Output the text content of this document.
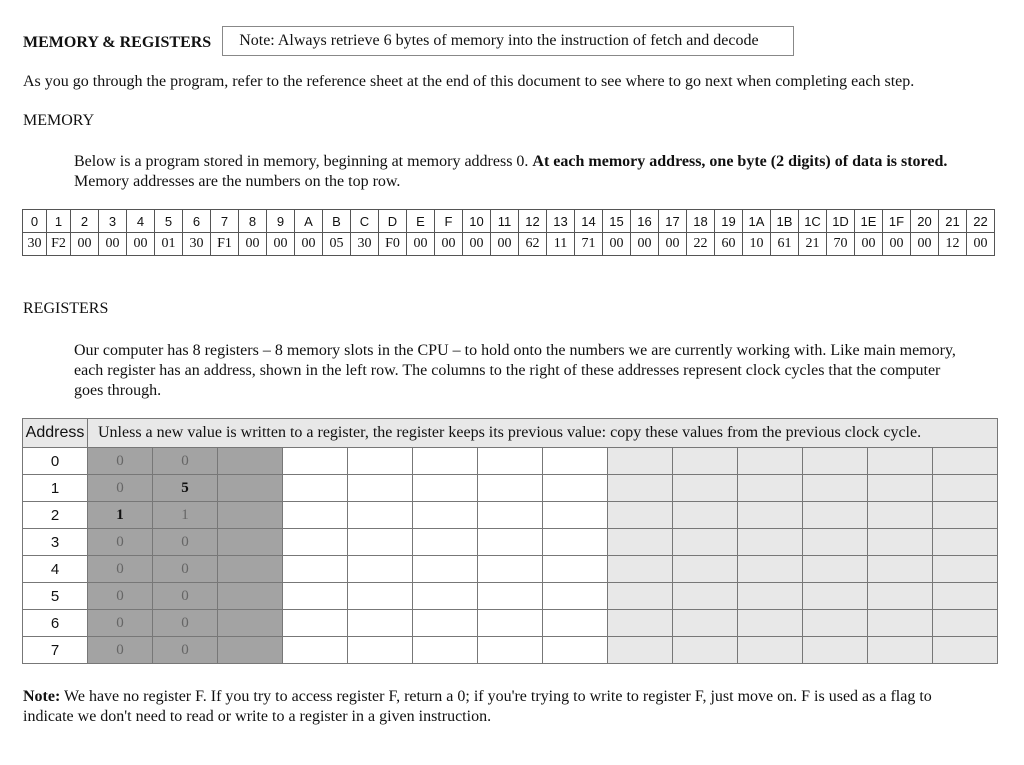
MEMORY & REGISTERS	Note: Always retrieve 6 bytes of memory into the instruction of fetch and decode
As you go through the program, refer to the reference sheet at the end of this document to see where to go next when completing each step.
MEMORY
Below is a program stored in memory, beginning at memory address 0. At each memory address, one byte (2 digits) of data is stored. Memory addresses are the numbers on the top row.
0	1	2	3	4	5	6	7	8	9	A	B	C	D	E	F	10	11	12	13	14	15	16	17	18	19	1A	1B	1C	1D	1E	1F	20	21	22
30	F2	00	00	00	01	30	F1	00	00	00	05	30	F0	00	00	00	00	62	11	71	00	00	00	22	60	10	61	21	70	00	00	00	12	00
REGISTERS
Our computer has 8 registers – 8 memory slots in the CPU – to hold onto the numbers we are currently working with. Like main memory, each register has an address, shown in the left row. The columns to the right of these addresses represent clock cycles that the computer goes through.
Address	Unless a new value is written to a register, the register keeps its previous value: copy these values from the previous clock cycle.													
0	0	0												
1	0	5												
2	1	1												
3	0	0												
4	0	0												
5	0	0												
6	0	0												
7	0	0												
Note: We have no register F. If you try to access register F, return a 0; if you're trying to write to register F, just move on. F is used as a flag to indicate we don't need to read or write to a register in a given instruction.
